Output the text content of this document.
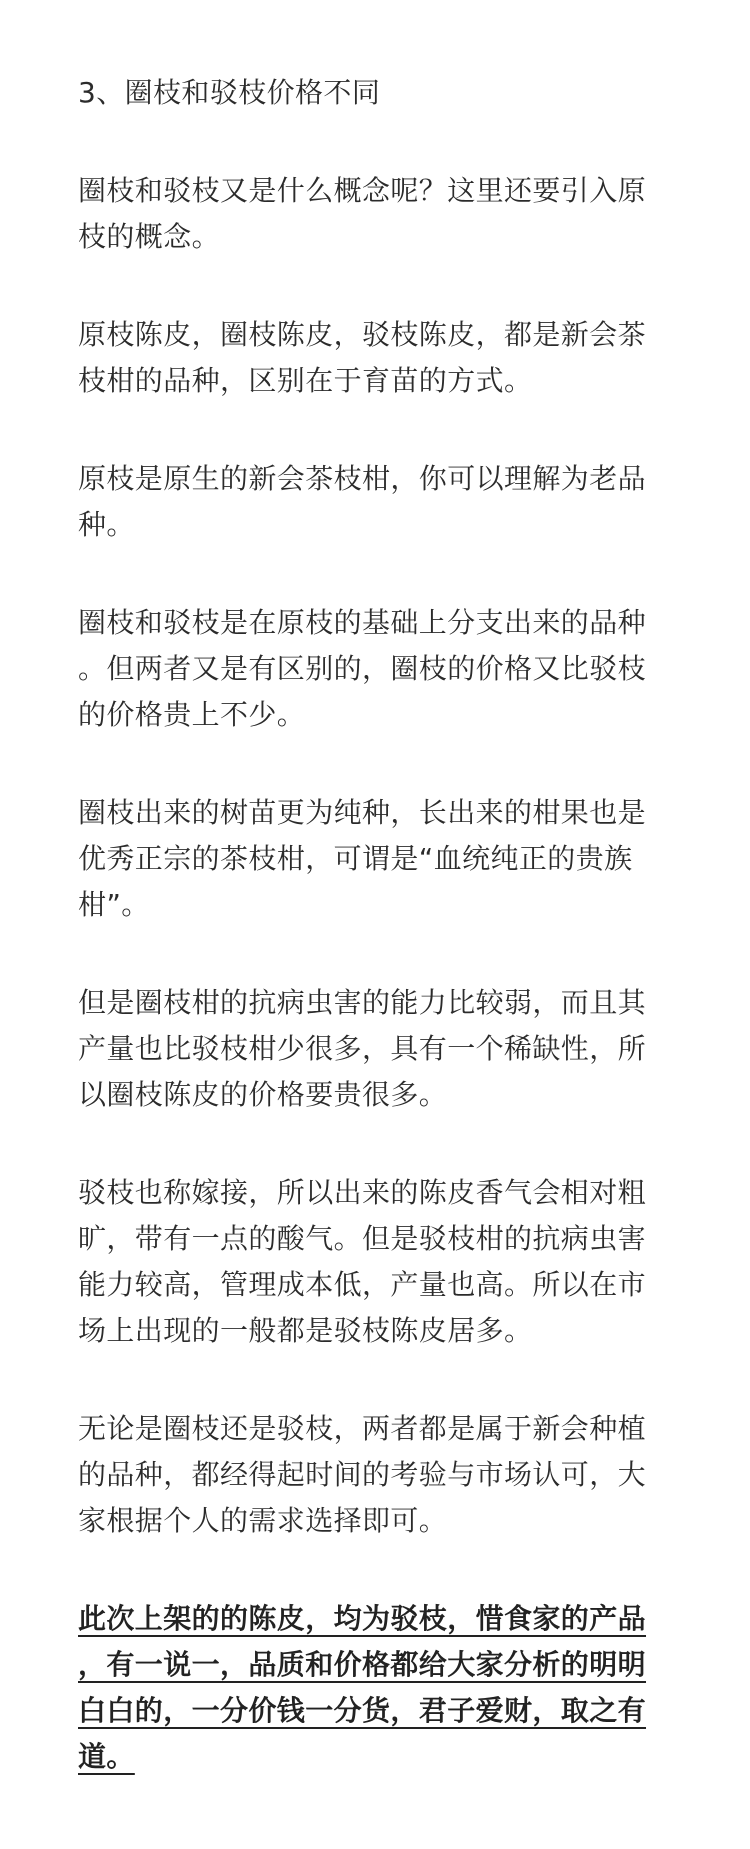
3、圈枝和驳枝价格不同
圈枝和驳枝又是什么概念呢？这里还要引入原
枝的概念。
原枝陈皮，圈枝陈皮，驳枝陈皮，都是新会茶
枝柑的品种，区别在于育苗的方式。
原枝是原生的新会茶枝柑，你可以理解为老品
种。
圈枝和驳枝是在原枝的基础上分支出来的品种
。但两者又是有区别的，圈枝的价格又比驳枝
的价格贵上不少。
圈枝出来的树苗更为纯种，长出来的柑果也是
优秀正宗的茶枝柑，可谓是“血统纯正的贵族
柑”。
但是圈枝柑的抗病虫害的能力比较弱，而且其
产量也比驳枝柑少很多，具有一个稀缺性，所
以圈枝陈皮的价格要贵很多。
驳枝也称嫁接，所以出来的陈皮香气会相对粗
旷，带有一点的酸气。但是驳枝柑的抗病虫害
能力较高，管理成本低，产量也高。所以在市
场上出现的一般都是驳枝陈皮居多。
无论是圈枝还是驳枝，两者都是属于新会种植
的品种，都经得起时间的考验与市场认可，大
家根据个人的需求选择即可。
此次上架的的陈皮，均为驳枝，惜食家的产品
，有一说一，品质和价格都给大家分析的明明
白白的，一分价钱一分货，君子爱财，取之有
道。
